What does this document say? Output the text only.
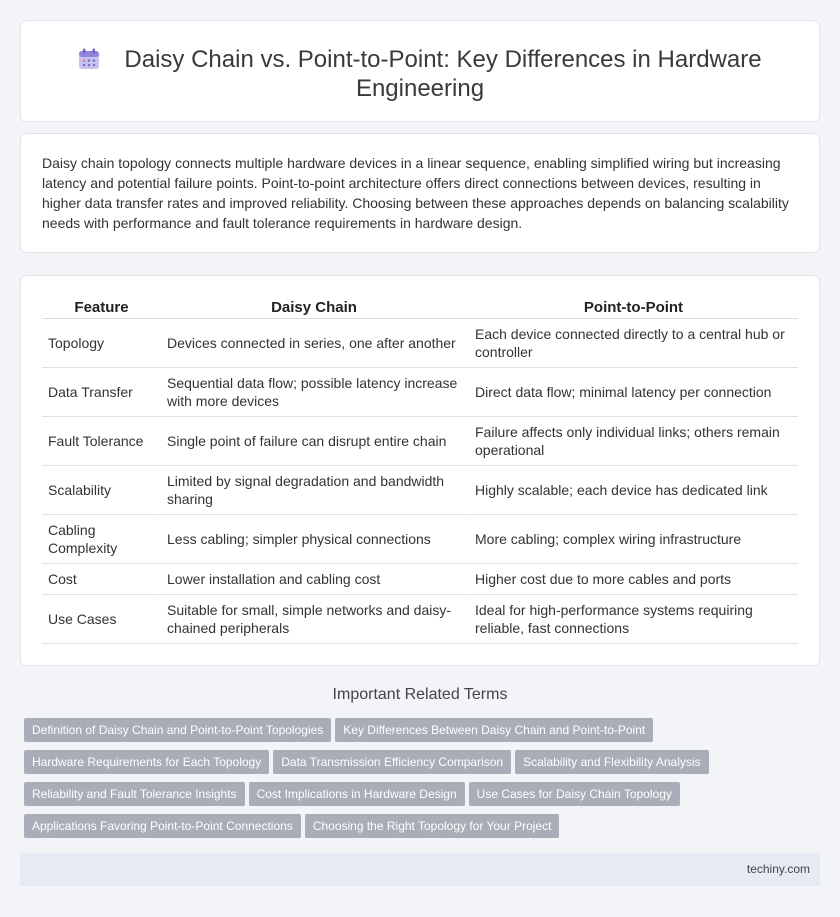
Daisy Chain vs. Point-to-Point: Key Differences in Hardware Engineering

Daisy chain topology connects multiple hardware devices in a linear sequence, enabling simplified wiring but increasing latency and potential failure points. Point-to-point architecture offers direct connections between devices, resulting in higher data transfer rates and improved reliability. Choosing between these approaches depends on balancing scalability needs with performance and fault tolerance requirements in hardware design.

Feature	Daisy Chain	Point-to-Point
Topology	Devices connected in series, one after another	Each device connected directly to a central hub or controller
Data Transfer	Sequential data flow; possible latency increase with more devices	Direct data flow; minimal latency per connection
Fault Tolerance	Single point of failure can disrupt entire chain	Failure affects only individual links; others remain operational
Scalability	Limited by signal degradation and bandwidth sharing	Highly scalable; each device has dedicated link
Cabling Complexity	Less cabling; simpler physical connections	More cabling; complex wiring infrastructure
Cost	Lower installation and cabling cost	Higher cost due to more cables and ports
Use Cases	Suitable for small, simple networks and daisy-chained peripherals	Ideal for high-performance systems requiring reliable, fast connections
Important Related Terms
Definition of Daisy Chain and Point-to-Point Topologies Key Differences Between Daisy Chain and Point-to-Point
Hardware Requirements for Each Topology Data Transmission Efficiency Comparison Scalability and Flexibility Analysis
Reliability and Fault Tolerance Insights Cost Implications in Hardware Design Use Cases for Daisy Chain Topology
Applications Favoring Point-to-Point Connections Choosing the Right Topology for Your Project
techiny.com
